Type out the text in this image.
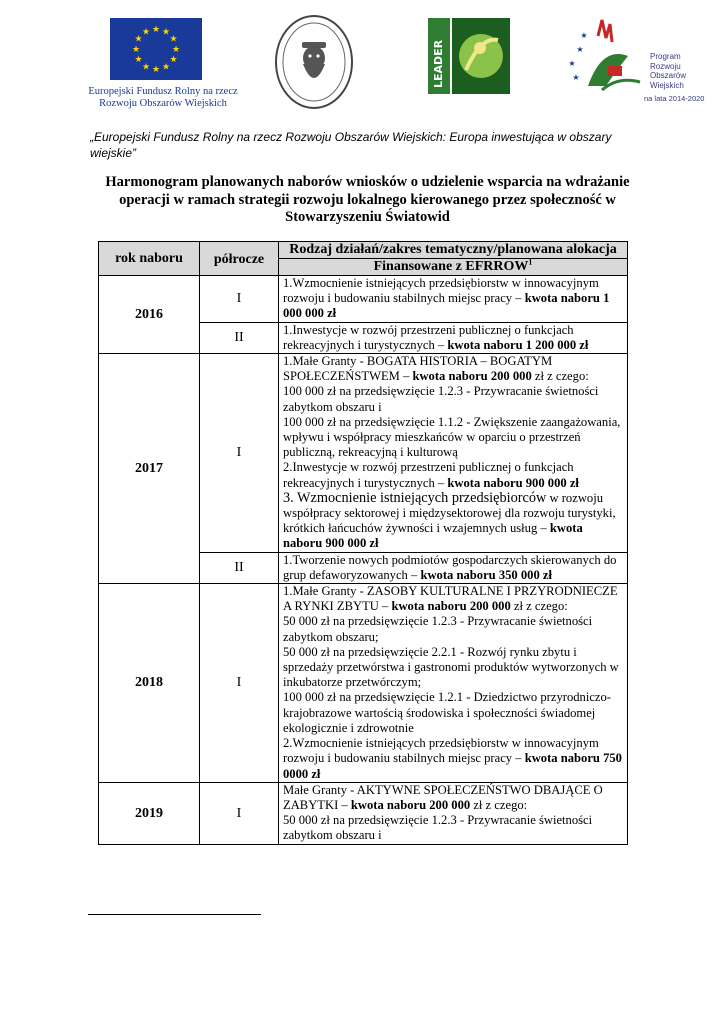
★ ★
★
★
★
★
★
★
★
★
★
★
Europejski Fundusz Rolny na rzecz
Rozwoju Obszarów Wiejskich
LEADER	★
★
★
★
Program
Rozwoju
Obszarów
Wiejskich
na lata 2014-2020
„Europejski Fundusz Rolny na rzecz Rozwoju Obszarów Wiejskich: Europa inwestująca w obszary wiejskie”
Harmonogram planowanych naborów wniosków o udzielenie wsparcia na wdrażanie operacji w ramach strategii rozwoju lokalnego kierowanego przez społeczność w Stowarzyszeniu Światowid
rok naboru	półrocze	Rodzaj działań/zakres tematyczny/planowana alokacja
		Finansowane z EFRROW$^1$
2016	I	1.Wzmocnienie istniejących przedsiębiorstw w innowacyjnym rozwoju i budowaniu stabilnych miejsc pracy – kwota naboru 1 000 000 zł
	II	1.Inwestycje w rozwój przestrzeni publicznej o funkcjach rekreacyjnych i turystycznych – kwota naboru 1 200 000 zł
2017	I	1.Małe Granty - BOGATA HISTORIA – BOGATYM SPOŁECZEŃSTWEM – kwota naboru 200 000 zł z czego:
100 000 zł na przedsięwzięcie 1.2.3 - Przywracanie świetności zabytkom obszaru i
100 000 zł na przedsięwzięcie 1.1.2 - Zwiększenie zaangażowania, wpływu i współpracy mieszkańców w oparciu o przestrzeń publiczną, rekreacyjną i kulturową
2.Inwestycje w rozwój przestrzeni publicznej o funkcjach rekreacyjnych i turystycznych – kwota naboru 900 000 zł
3. Wzmocnienie istniejących przedsiębiorców w rozwoju współpracy sektorowej i międzysektorowej dla rozwoju turystyki, krótkich łańcuchów żywności i wzajemnych usług – kwota naboru 900 000 zł

	II	1.Tworzenie nowych podmiotów gospodarczych skierowanych do grup defaworyzowanych – kwota naboru 350 000 zł
2018	I	1.Małe Granty - ZASOBY KULTURALNE I PRZYRODNIECZE A RYNKI ZBYTU – kwota naboru 200 000 zł z czego:
50 000 zł na przedsięwzięcie 1.2.3 - Przywracanie świetności zabytkom obszaru;
50 000 zł na przedsięwzięcie 2.2.1 - Rozwój rynku zbytu i sprzedaży przetwórstwa i gastronomi produktów wytworzonych w inkubatorze przetwórczym;
100 000 zł na przedsięwzięcie 1.2.1 - Dziedzictwo przyrodniczo-krajobrazowe wartością środowiska i społeczności świadomej ekologicznie i zdrowotnie
2.Wzmocnienie istniejących przedsiębiorstw w innowacyjnym rozwoju i budowaniu stabilnych miejsc pracy – kwota naboru 750 0000 zł

2019	I	Małe Granty - AKTYWNE SPOŁECZEŃSTWO DBAJĄCE O ZABYTKI – kwota naboru 200 000 zł z czego:
50 000 zł na przedsięwzięcie 1.2.3 - Przywracanie świetności zabytkom obszaru i
